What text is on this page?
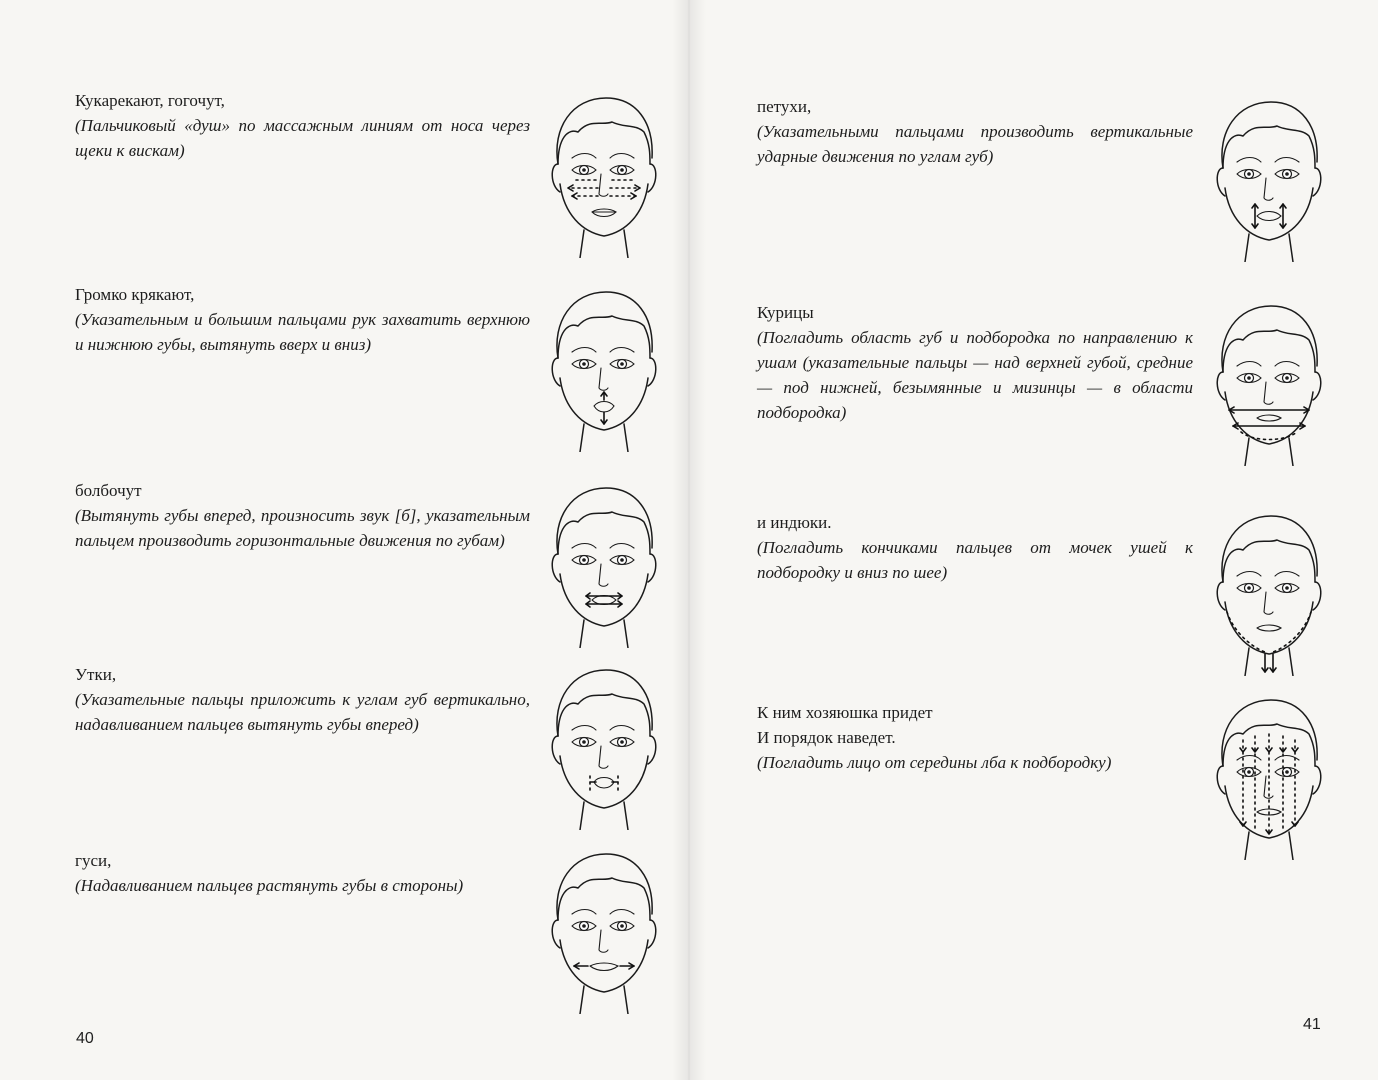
Кукарекают, гогочут,

(Пальчиковый «душ» по массажным линиям от носа через щеки к вискам)

Громко крякают,

(Указательным и большим пальцами рук захватить верхнюю и нижнюю губы, вытянуть вверх и вниз)

болбочут

(Вытянуть губы вперед, произносить звук [б], указательным пальцем производить горизонтальные движения по губам)

Утки,

(Указательные пальцы приложить к углам губ вертикально, надавливанием пальцев вытянуть губы вперед)

гуси,

(Надавливанием пальцев растянуть губы в стороны)

40

петухи,

(Указательными пальцами производить вертикальные ударные движения по углам губ)

Курицы

(Погладить область губ и подбородка по направлению к ушам (указательные пальцы — над верхней губой, средние — под нижней, безымянные и мизинцы — в области подбородка)

и индюки.

(Погладить кончиками пальцев от мочек ушей к подбородку и вниз по шее)

К ним хозяюшка придет

И порядок наведет.

(Погладить лицо от середины лба к подбородку)

41
